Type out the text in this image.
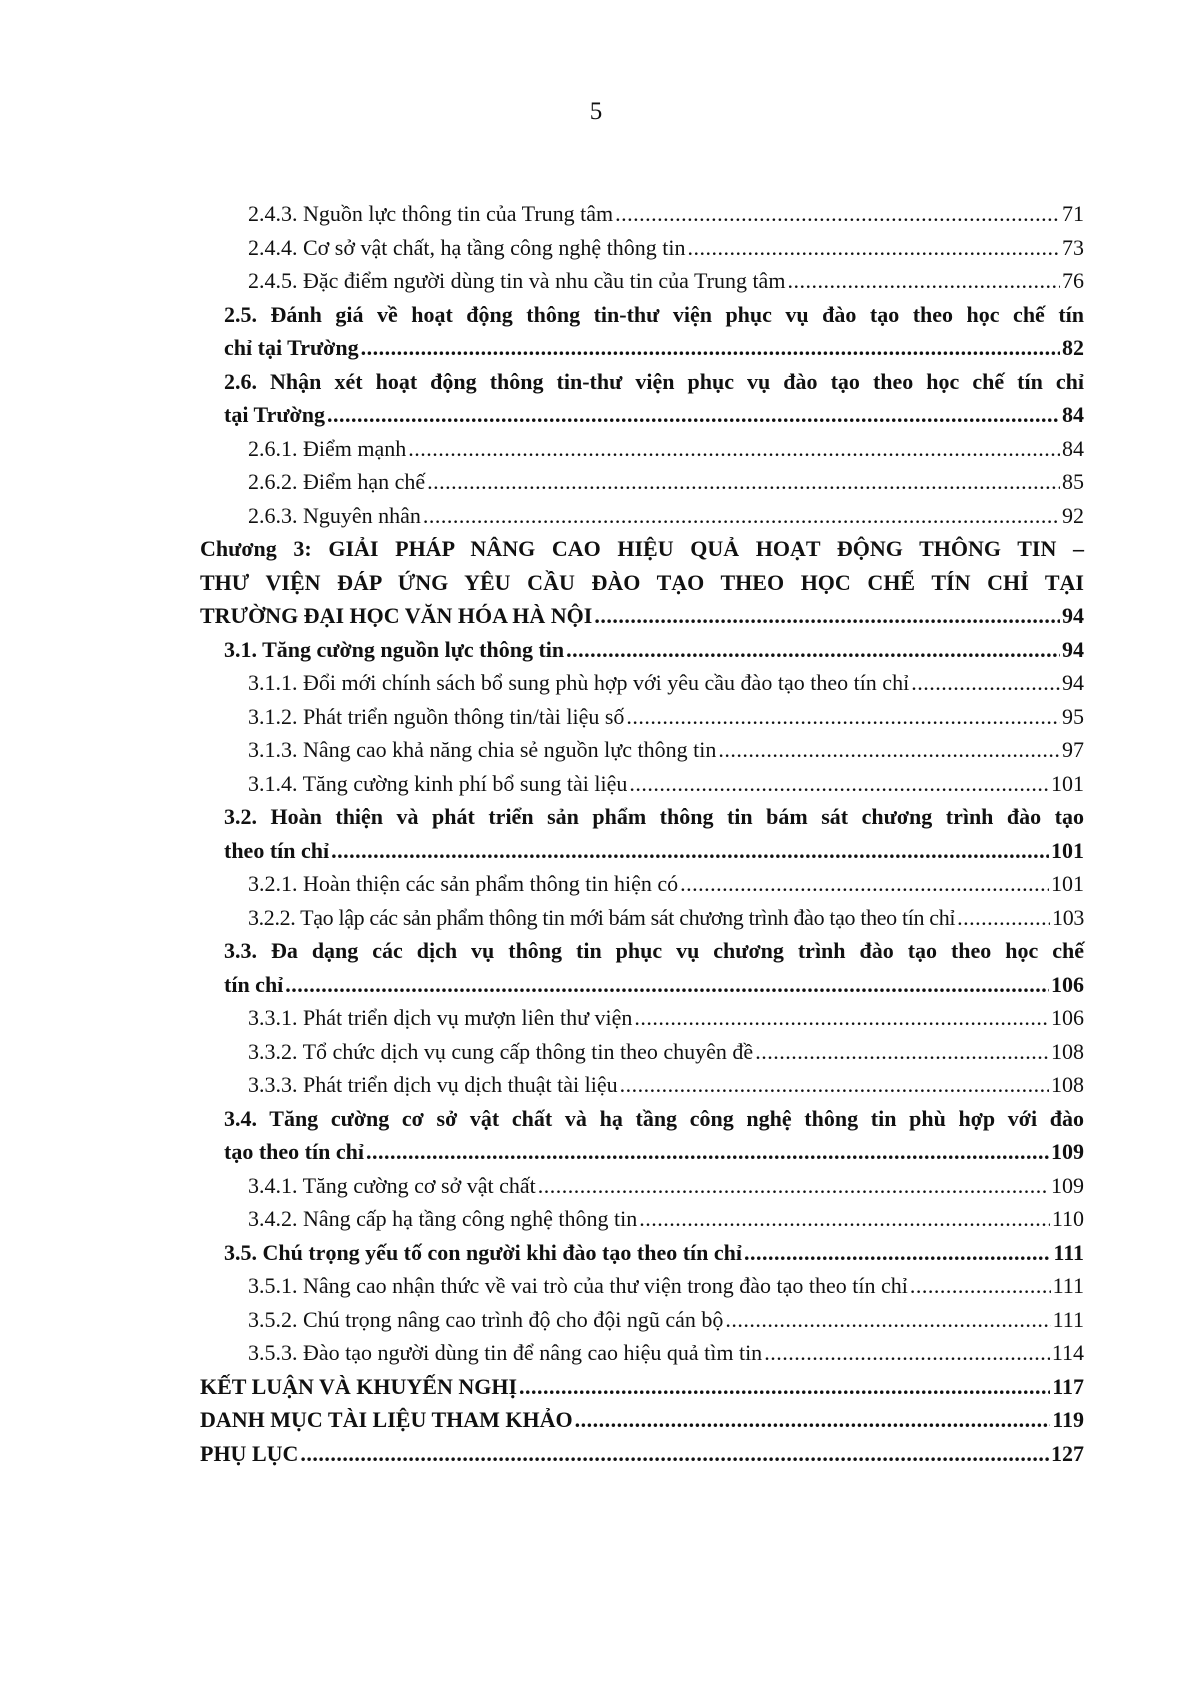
5
2.4.3. Nguồn lực thông tin của Trung tâm .....	71
2.4.4. Cơ sở vật chất, hạ tầng công nghệ thông tin .....	73
2.4.5. Đặc điểm người dùng tin và nhu cầu tin của Trung tâm .....	76
2.5. Đánh giá về hoạt động thông tin-thư viện phục vụ đào tạo theo học chế tín
chỉ tại Trường .....	82
2.6. Nhận xét hoạt động thông tin-thư viện phục vụ đào tạo theo học chế tín chỉ
tại Trường .....	84
2.6.1. Điểm mạnh .....	84
2.6.2. Điểm hạn chế .....	85
2.6.3. Nguyên nhân .....	92
Chương 3: GIẢI PHÁP NÂNG CAO HIỆU QUẢ HOẠT ĐỘNG THÔNG TIN –
THƯ VIỆN ĐÁP ỨNG YÊU CẦU ĐÀO TẠO THEO HỌC CHẾ TÍN CHỈ TẠI
TRƯỜNG ĐẠI HỌC VĂN HÓA HÀ NỘI .....	94
3.1. Tăng cường nguồn lực thông tin .....	94
3.1.1. Đổi mới chính sách bổ sung phù hợp với yêu cầu đào tạo theo tín chỉ .....	94
3.1.2. Phát triển nguồn thông tin/tài liệu số .....	95
3.1.3. Nâng cao khả năng chia sẻ nguồn lực thông tin .....	97
3.1.4. Tăng cường kinh phí bổ sung tài liệu .....	101
3.2. Hoàn thiện và phát triển sản phẩm thông tin bám sát chương trình đào tạo
theo tín chỉ .....	101
3.2.1. Hoàn thiện các sản phẩm thông tin hiện có .....	101
3.2.2. Tạo lập các sản phẩm thông tin mới bám sát chương trình đào tạo theo tín chỉ .....	103
3.3. Đa dạng các dịch vụ thông tin phục vụ chương trình đào tạo theo học chế
tín chỉ .....	106
3.3.1. Phát triển dịch vụ mượn liên thư viện .....	106
3.3.2. Tổ chức dịch vụ cung cấp thông tin theo chuyên đề .....	108
3.3.3. Phát triển dịch vụ dịch thuật tài liệu .....	108
3.4. Tăng cường cơ sở vật chất và hạ tầng công nghệ thông tin phù hợp với đào
tạo theo tín chỉ .....	109
3.4.1. Tăng cường cơ sở vật chất .....	109
3.4.2. Nâng cấp hạ tầng công nghệ thông tin .....	110
3.5. Chú trọng yếu tố con người khi đào tạo theo tín chỉ .....	111
3.5.1. Nâng cao nhận thức về vai trò của thư viện trong đào tạo theo tín chỉ .....	111
3.5.2. Chú trọng nâng cao trình độ cho đội ngũ cán bộ .....	111
3.5.3. Đào tạo người dùng tin để nâng cao hiệu quả tìm tin .....	114
KẾT LUẬN VÀ KHUYẾN NGHỊ .....	117
DANH MỤC TÀI LIỆU THAM KHẢO .....	119
PHỤ LỤC .....	127
